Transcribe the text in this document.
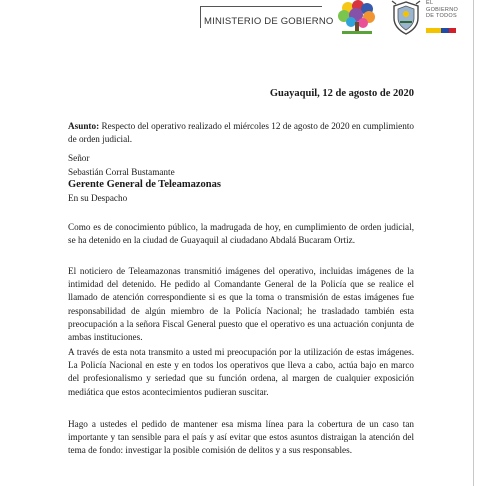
MINISTERIO DE GOBIERNO
EL
GOBIERNO
DE TODOS
Guayaquil, 12 de agosto de 2020
Asunto: Respecto del operativo realizado el miércoles 12 de agosto de 2020 en cumplimiento de orden judicial.
Señor
Sebastián Corral Bustamante
Gerente General de Teleamazonas
En su Despacho
Como es de conocimiento público, la madrugada de hoy, en cumplimiento de orden judicial, se ha detenido en la ciudad de Guayaquil al ciudadano Abdalá Bucaram Ortiz.
El noticiero de Teleamazonas transmitió imágenes del operativo, incluidas imágenes de la intimidad del detenido. He pedido al Comandante General de la Policía que se realice el llamado de atención correspondiente si es que la toma o transmisión de estas imágenes fue responsabilidad de algún miembro de la Policía Nacional; he trasladado también esta preocupación a la señora Fiscal General puesto que el operativo es una actuación conjunta de ambas instituciones.
A través de esta nota transmito a usted mi preocupación por la utilización de estas imágenes. La Policía Nacional en este y en todos los operativos que lleva a cabo, actúa bajo en marco del profesionalismo y seriedad que su función ordena, al margen de cualquier exposición mediática que estos acontecimientos pudieran suscitar.
Hago a ustedes el pedido de mantener esa misma línea para la cobertura de un caso tan importante y tan sensible para el país y así evitar que estos asuntos distraigan la atención del tema de fondo: investigar la posible comisión de delitos y a sus responsables.
